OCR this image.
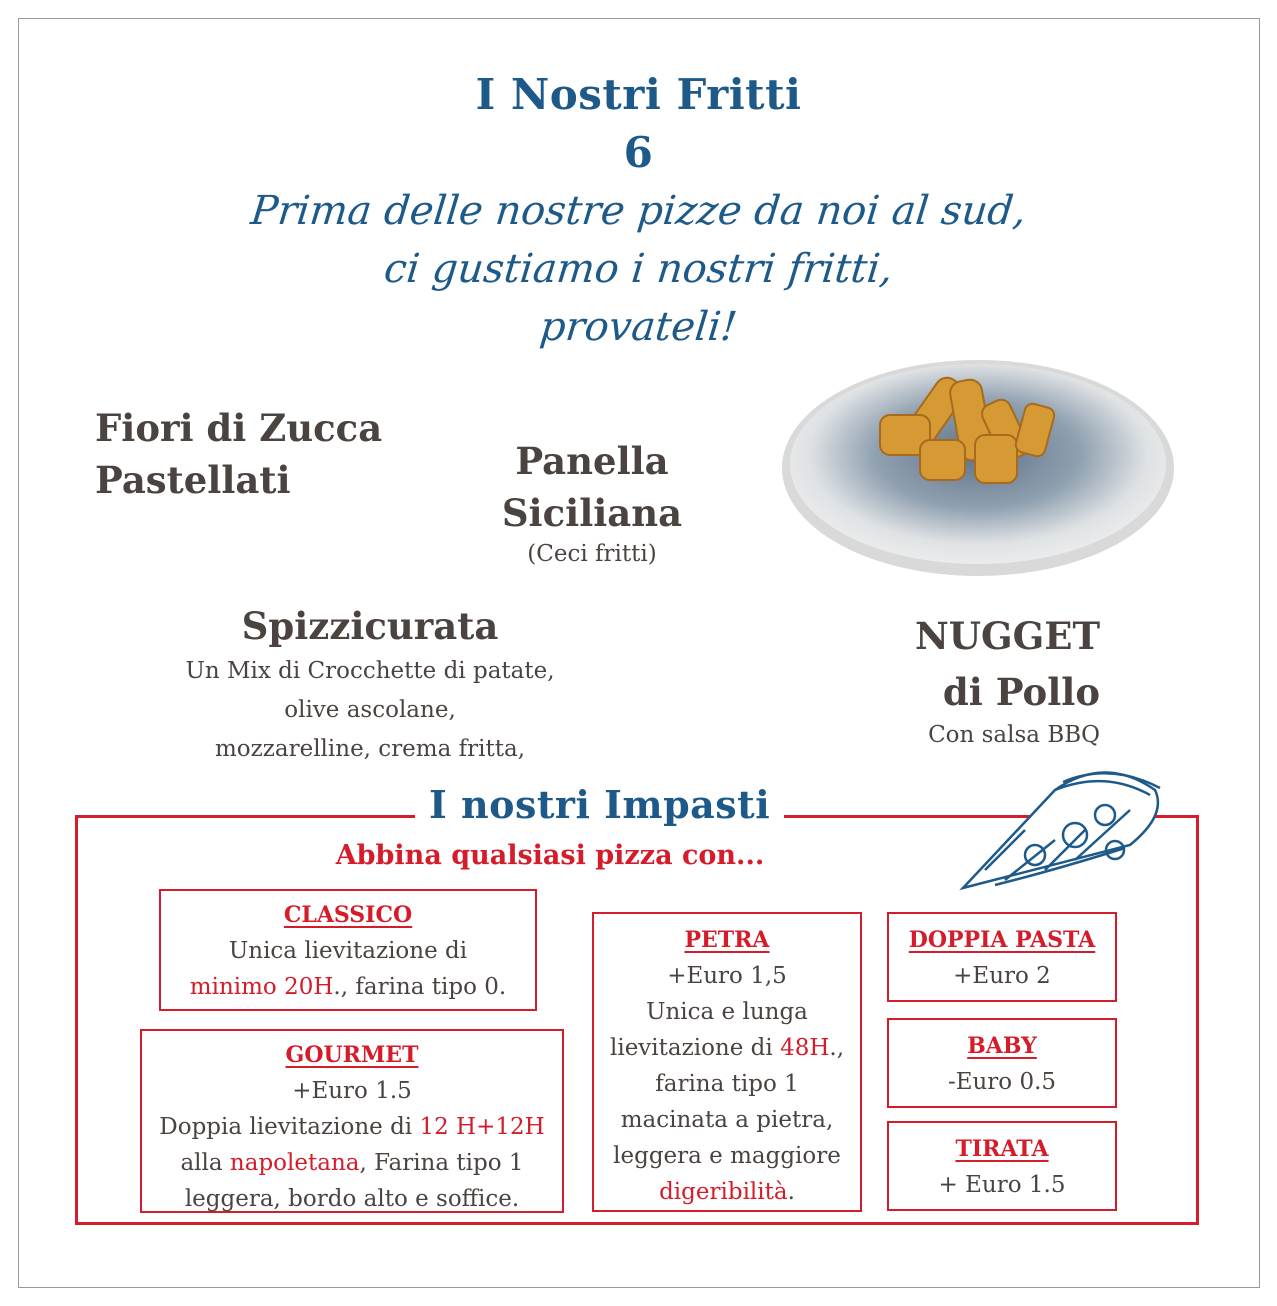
I Nostri Fritti
6
Prima delle nostre pizze da noi al sud,
ci gustiamo i nostri fritti,
provateli!
Fiori di Zucca
Pastellati	Panella
Siciliana
(Ceci fritti)
Spizzicurata
Un Mix di Crocchette di patate,
olive ascolane,
mozzarelline, crema fritta,
NUGGET
di Pollo
Con salsa BBQ
I nostri Impasti
Abbina qualsiasi pizza con...
CLASSICO
Unica lievitazione di
minimo 20H., farina tipo 0.
GOURMET
+Euro 1.5
Doppia lievitazione di 12 H+12H
alla napoletana, Farina tipo 1
leggera, bordo alto e soffice.
PETRA
+Euro 1,5
Unica e lunga
lievitazione di 48H.,
farina tipo 1
macinata a pietra,
leggera e maggiore
digeribilità.
DOPPIA PASTA
+Euro 2
BABY
-Euro 0.5
TIRATA
+ Euro 1.5
